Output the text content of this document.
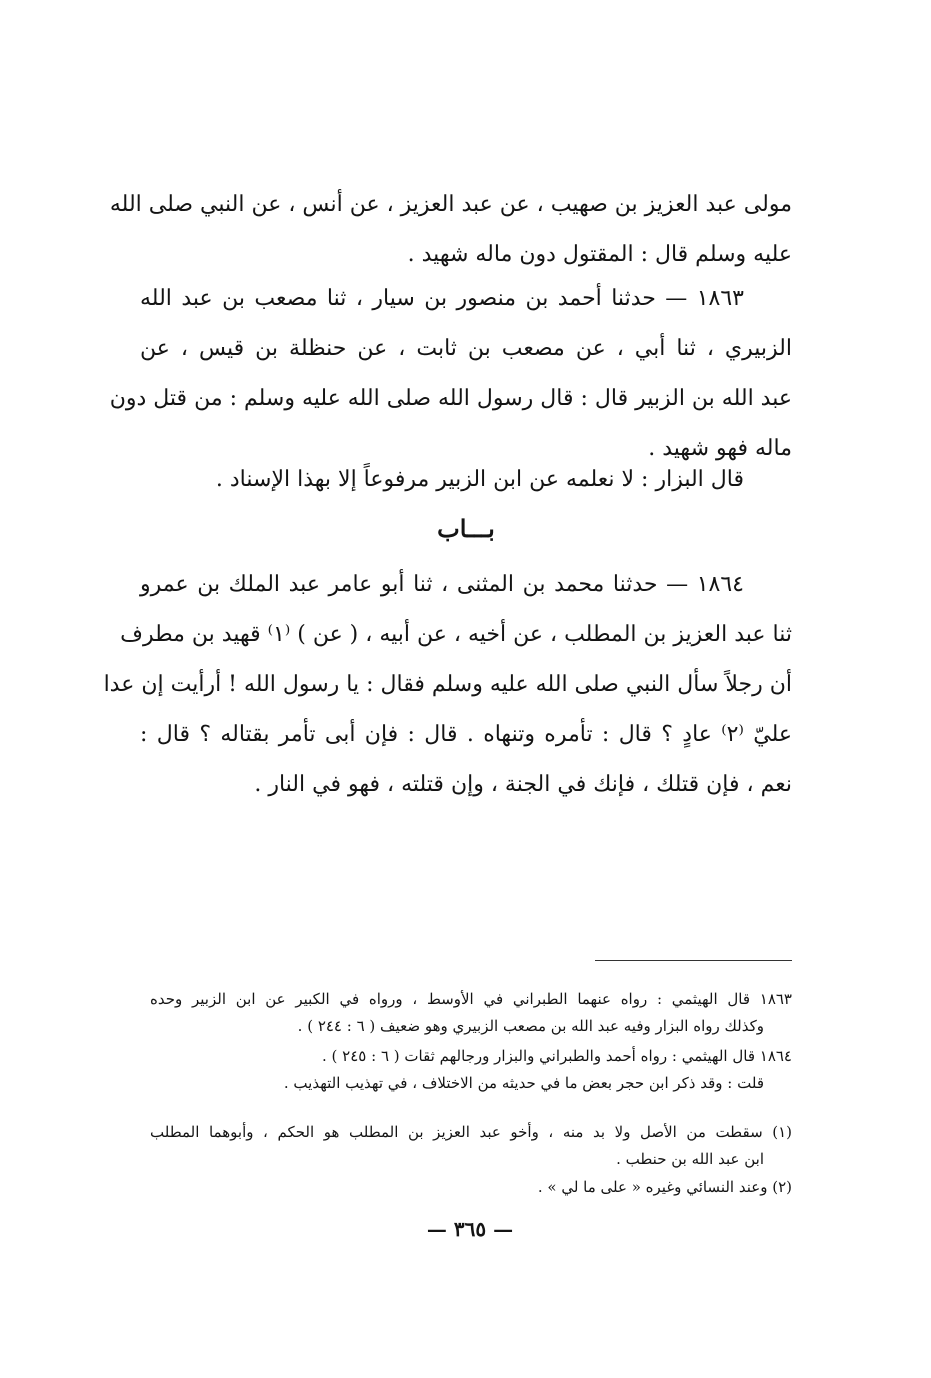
مولى عبد العزيز بن صهيب ، عن عبد العزيز ، عن أنس ، عن النبي صلى الله
عليه وسلم قال : المقتول دون ماله شهيد .
١٨٦٣ — حدثنا أحمد بن منصور بن سيار ، ثنا مصعب بن عبد الله
الزبيري ، ثنا أبي ، عن مصعب بن ثابت ، عن حنظلة بن قيس ، عن
عبد الله بن الزبير قال : قال رسول الله صلى الله عليه وسلم : من قتل دون
ماله فهو شهيد .
قال البزار : لا نعلمه عن ابن الزبير مرفوعاً إلا بهذا الإسناد .
بـــاب
١٨٦٤ — حدثنا محمد بن المثنى ، ثنا أبو عامر عبد الملك بن عمرو
ثنا عبد العزيز بن المطلب ، عن أخيه ، عن أبيه ، ( عن ) ⁽١⁾ قهيد بن مطرف
أن رجلاً سأل النبي صلى الله عليه وسلم فقال : يا رسول الله ! أرأيت إن عدا
عليّ ⁽٢⁾ عادٍ ؟ قال : تأمره وتنهاه . قال : فإن أبى تأمر بقتاله ؟ قال :
نعم ، فإن قتلك ، فإنك في الجنة ، وإن قتلته ، فهو في النار .
١٨٦٣ قال الهيثمي : رواه عنهما الطبراني في الأوسط ، ورواه في الكبير عن ابن الزبير وحده
وكذلك رواه البزار وفيه عبد الله بن مصعب الزبيري وهو ضعيف ( ٦ : ٢٤٤ ) .
١٨٦٤ قال الهيثمي : رواه أحمد والطبراني والبزار ورجالهم ثقات ( ٦ : ٢٤٥ ) .
قلت : وقد ذكر ابن حجر بعض ما في حديثه من الاختلاف ، في تهذيب التهذيب .
(١) سقطت من الأصل ولا بد منه ، وأخو عبد العزيز بن المطلب هو الحكم ، وأبوهما المطلب
ابن عبد الله بن حنطب .
(٢) وعند النسائي وغيره « على ما لي » .
— ٣٦٥ —
